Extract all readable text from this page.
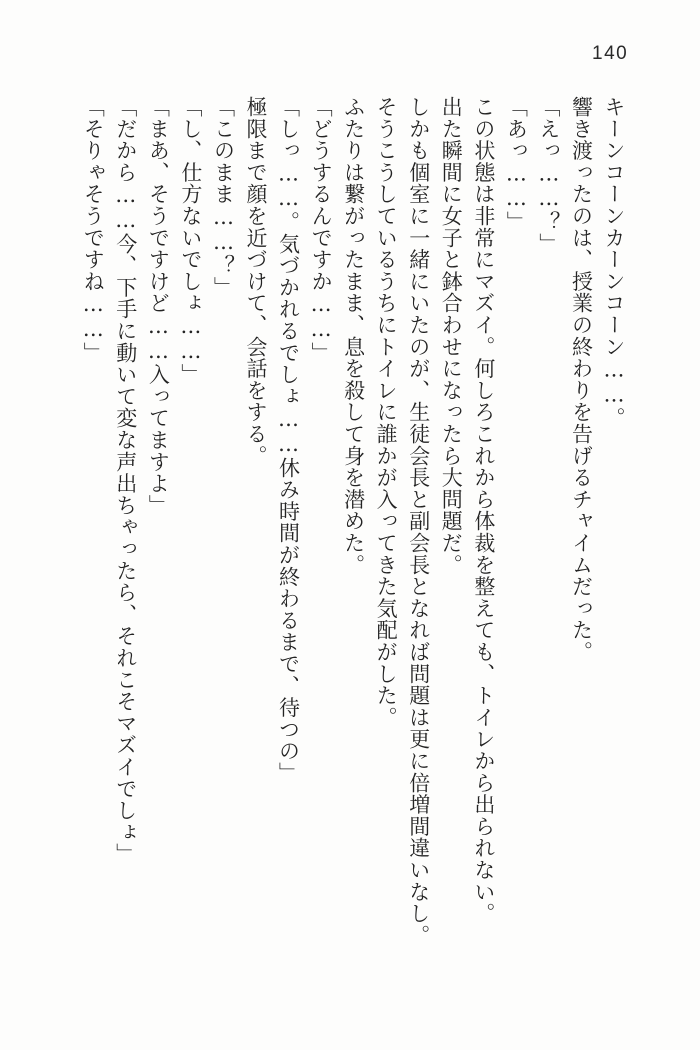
140

キーンコーンカーンコーン……。

響き渡ったのは、授業の終わりを告げるチャイムだった。

「えっ……？」

「あっ……」

この状態は非常にマズイ。何しろこれから体裁を整えても、トイレから出られない。

出た瞬間に女子と鉢合わせになったら大問題だ。

しかも個室に一緒にいたのが、生徒会長と副会長となれば問題は更に倍増間違いなし。

そうこうしているうちにトイレに誰かが入ってきた気配がした。

ふたりは繋がったまま、息を殺して身を潜めた。

「どうするんですか……」

「しっ……。気づかれるでしょ……休み時間が終わるまで、待つの」

極限まで顔を近づけて、会話をする。

「このまま……？」

「し、仕方ないでしょ……」

「まあ、そうですけど……入ってますよ」

「だから……今、下手に動いて変な声出ちゃったら、それこそマズイでしょ」

「そりゃそうですね……」
